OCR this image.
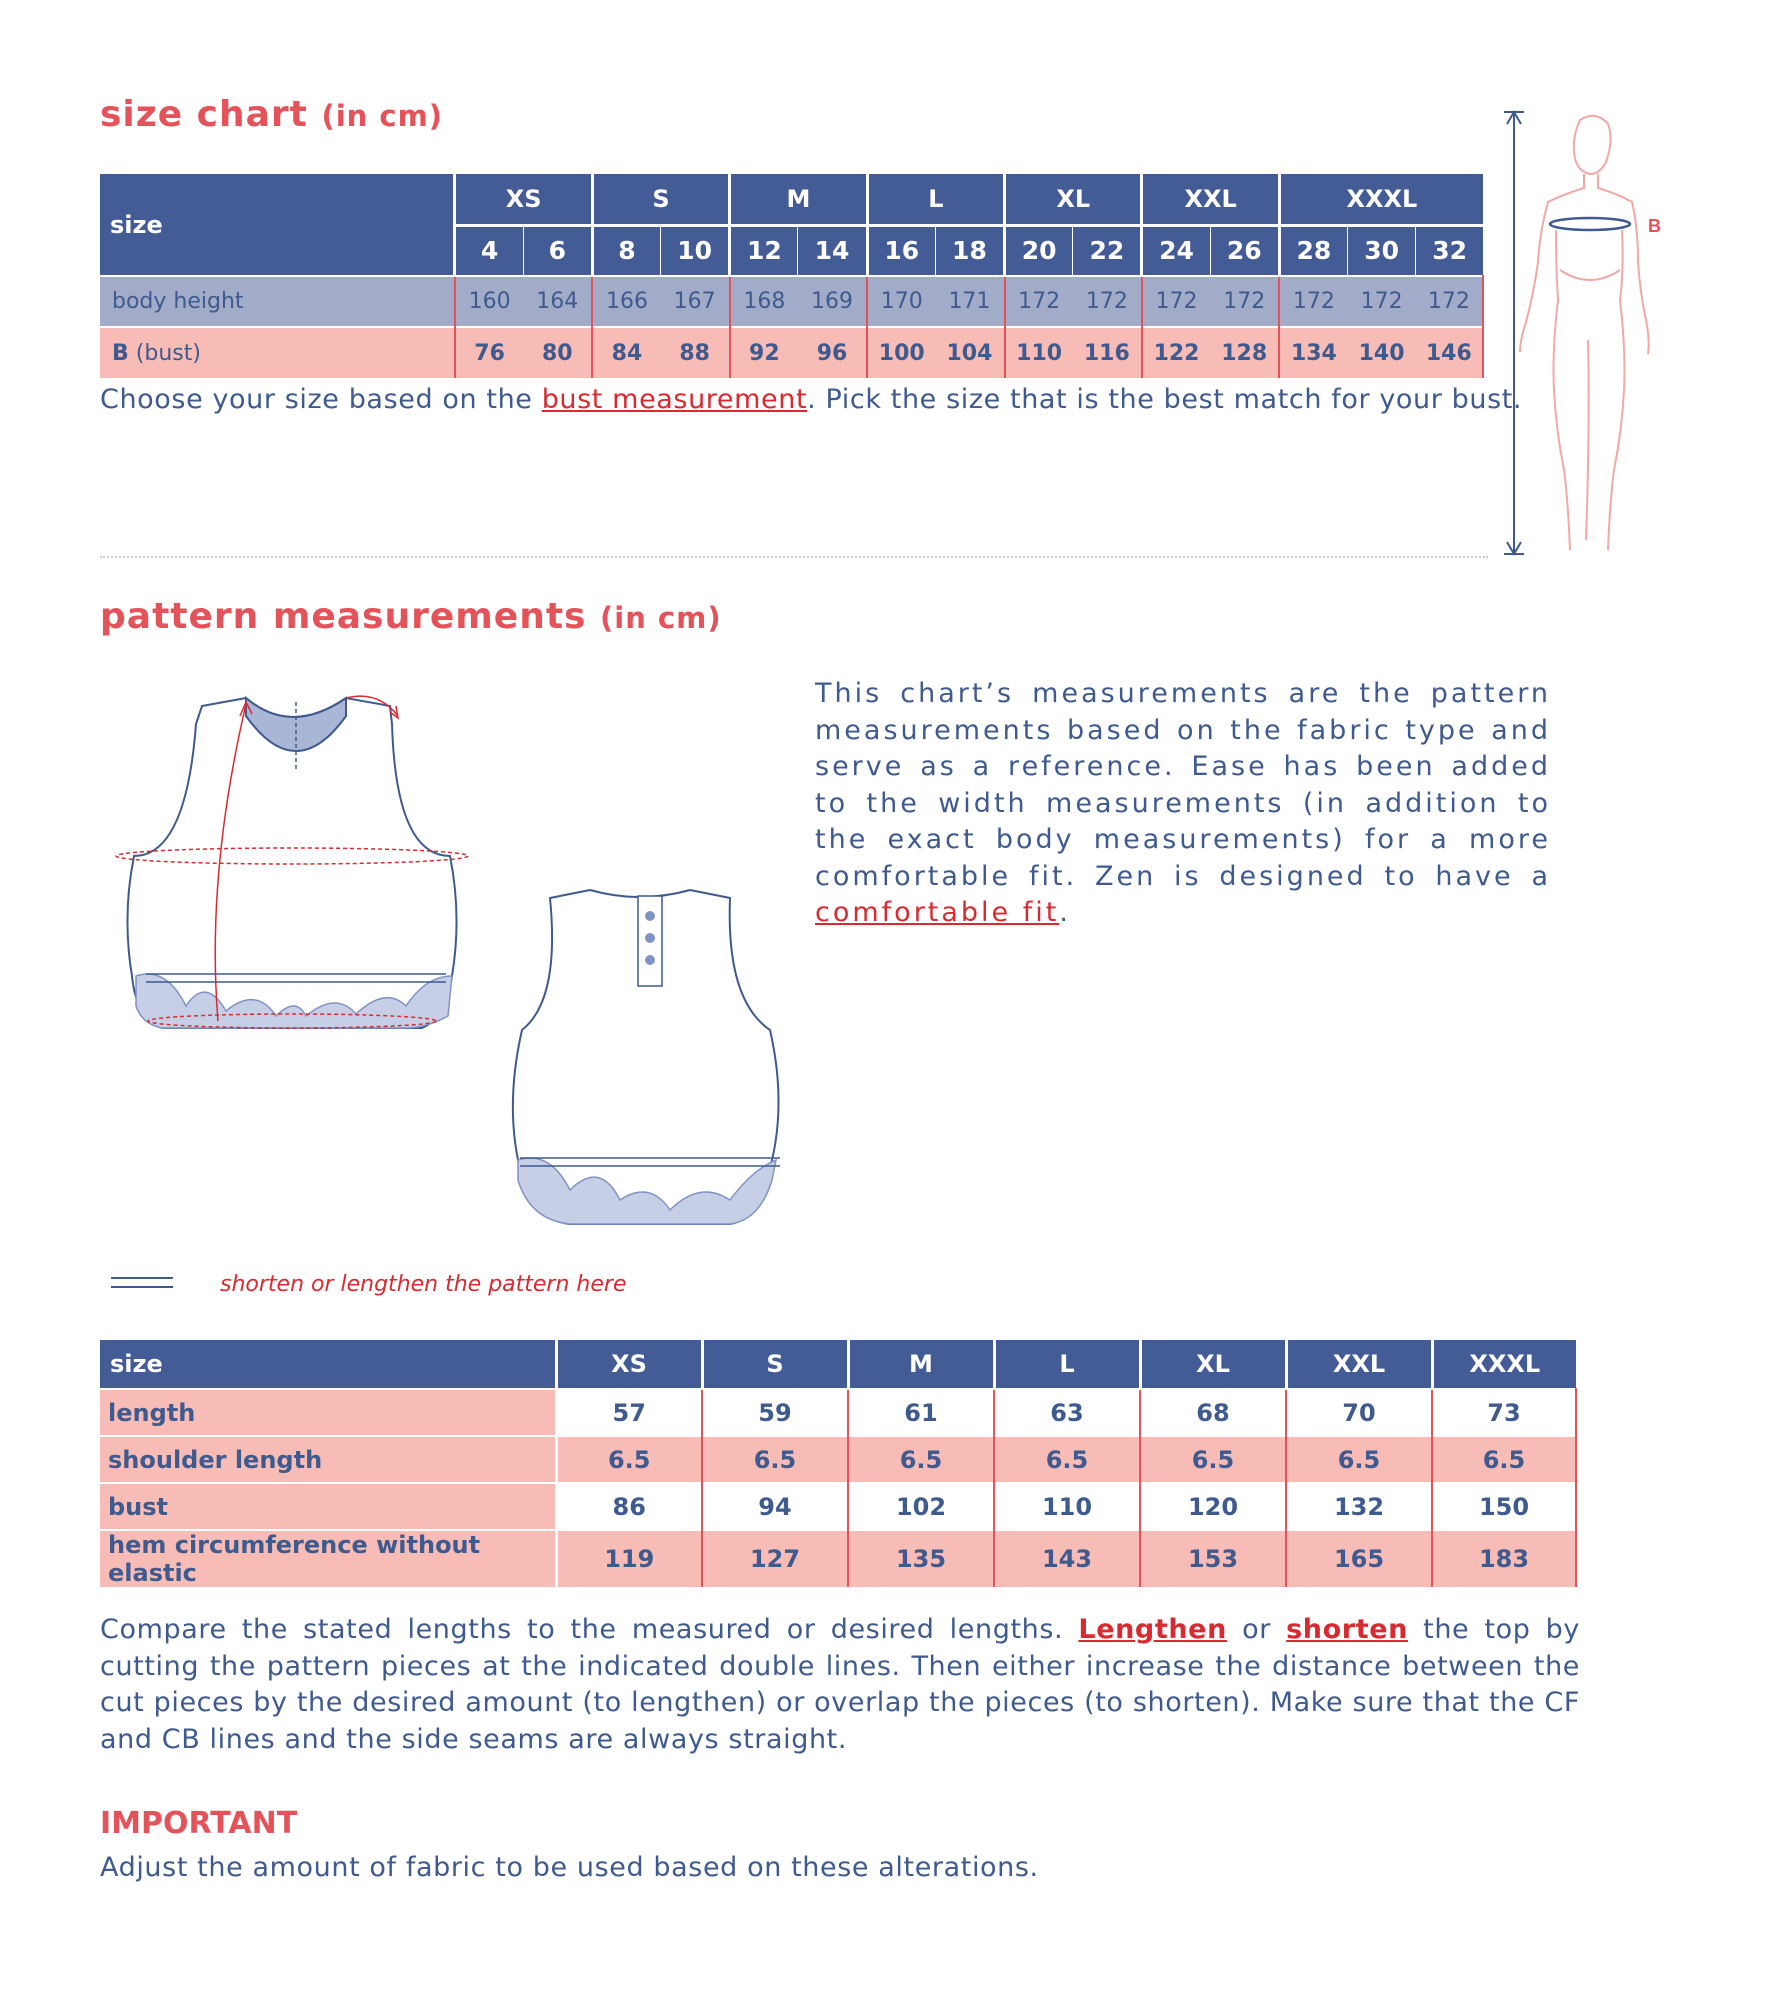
size chart (in cm)
size	XS		S		M		L		XL		XXL		XXXL		
	4	6	8	10	12	14	16	18	20	22	24	26	28	30	32
body height	160	164	166	167	168	169	170	171	172	172	172	172	172	172	172
B (bust)	76	80	84	88	92	96	100	104	110	116	122	128	134	140	146

Choose your size based on the bust measurement. Pick the size that is the best match for your bust.

B
pattern measurements (in cm)

This chart’s measurements are the pattern measurements based on the fabric type and serve as a reference. Ease has been added to the width measurements (in addition to the exact body measurements) for a more comfortable fit. Zen is designed to have a comfortable fit.

shorten or lengthen the pattern here

size	XS	S	M	L	XL	XXL	XXXL
length	57	59	61	63	68	70	73
shoulder length	6.5	6.5	6.5	6.5	6.5	6.5	6.5
bust	86	94	102	110	120	132	150
hem circumference without elastic	119	127	135	143	153	165	183

Compare the stated lengths to the measured or desired lengths. Lengthen or shorten the top by cutting the pattern pieces at the indicated double lines. Then either increase the distance between the cut pieces by the desired amount (to lengthen) or overlap the pieces (to shorten). Make sure that the CF and CB lines and the side seams are always straight.

IMPORTANT

Adjust the amount of fabric to be used based on these alterations.
